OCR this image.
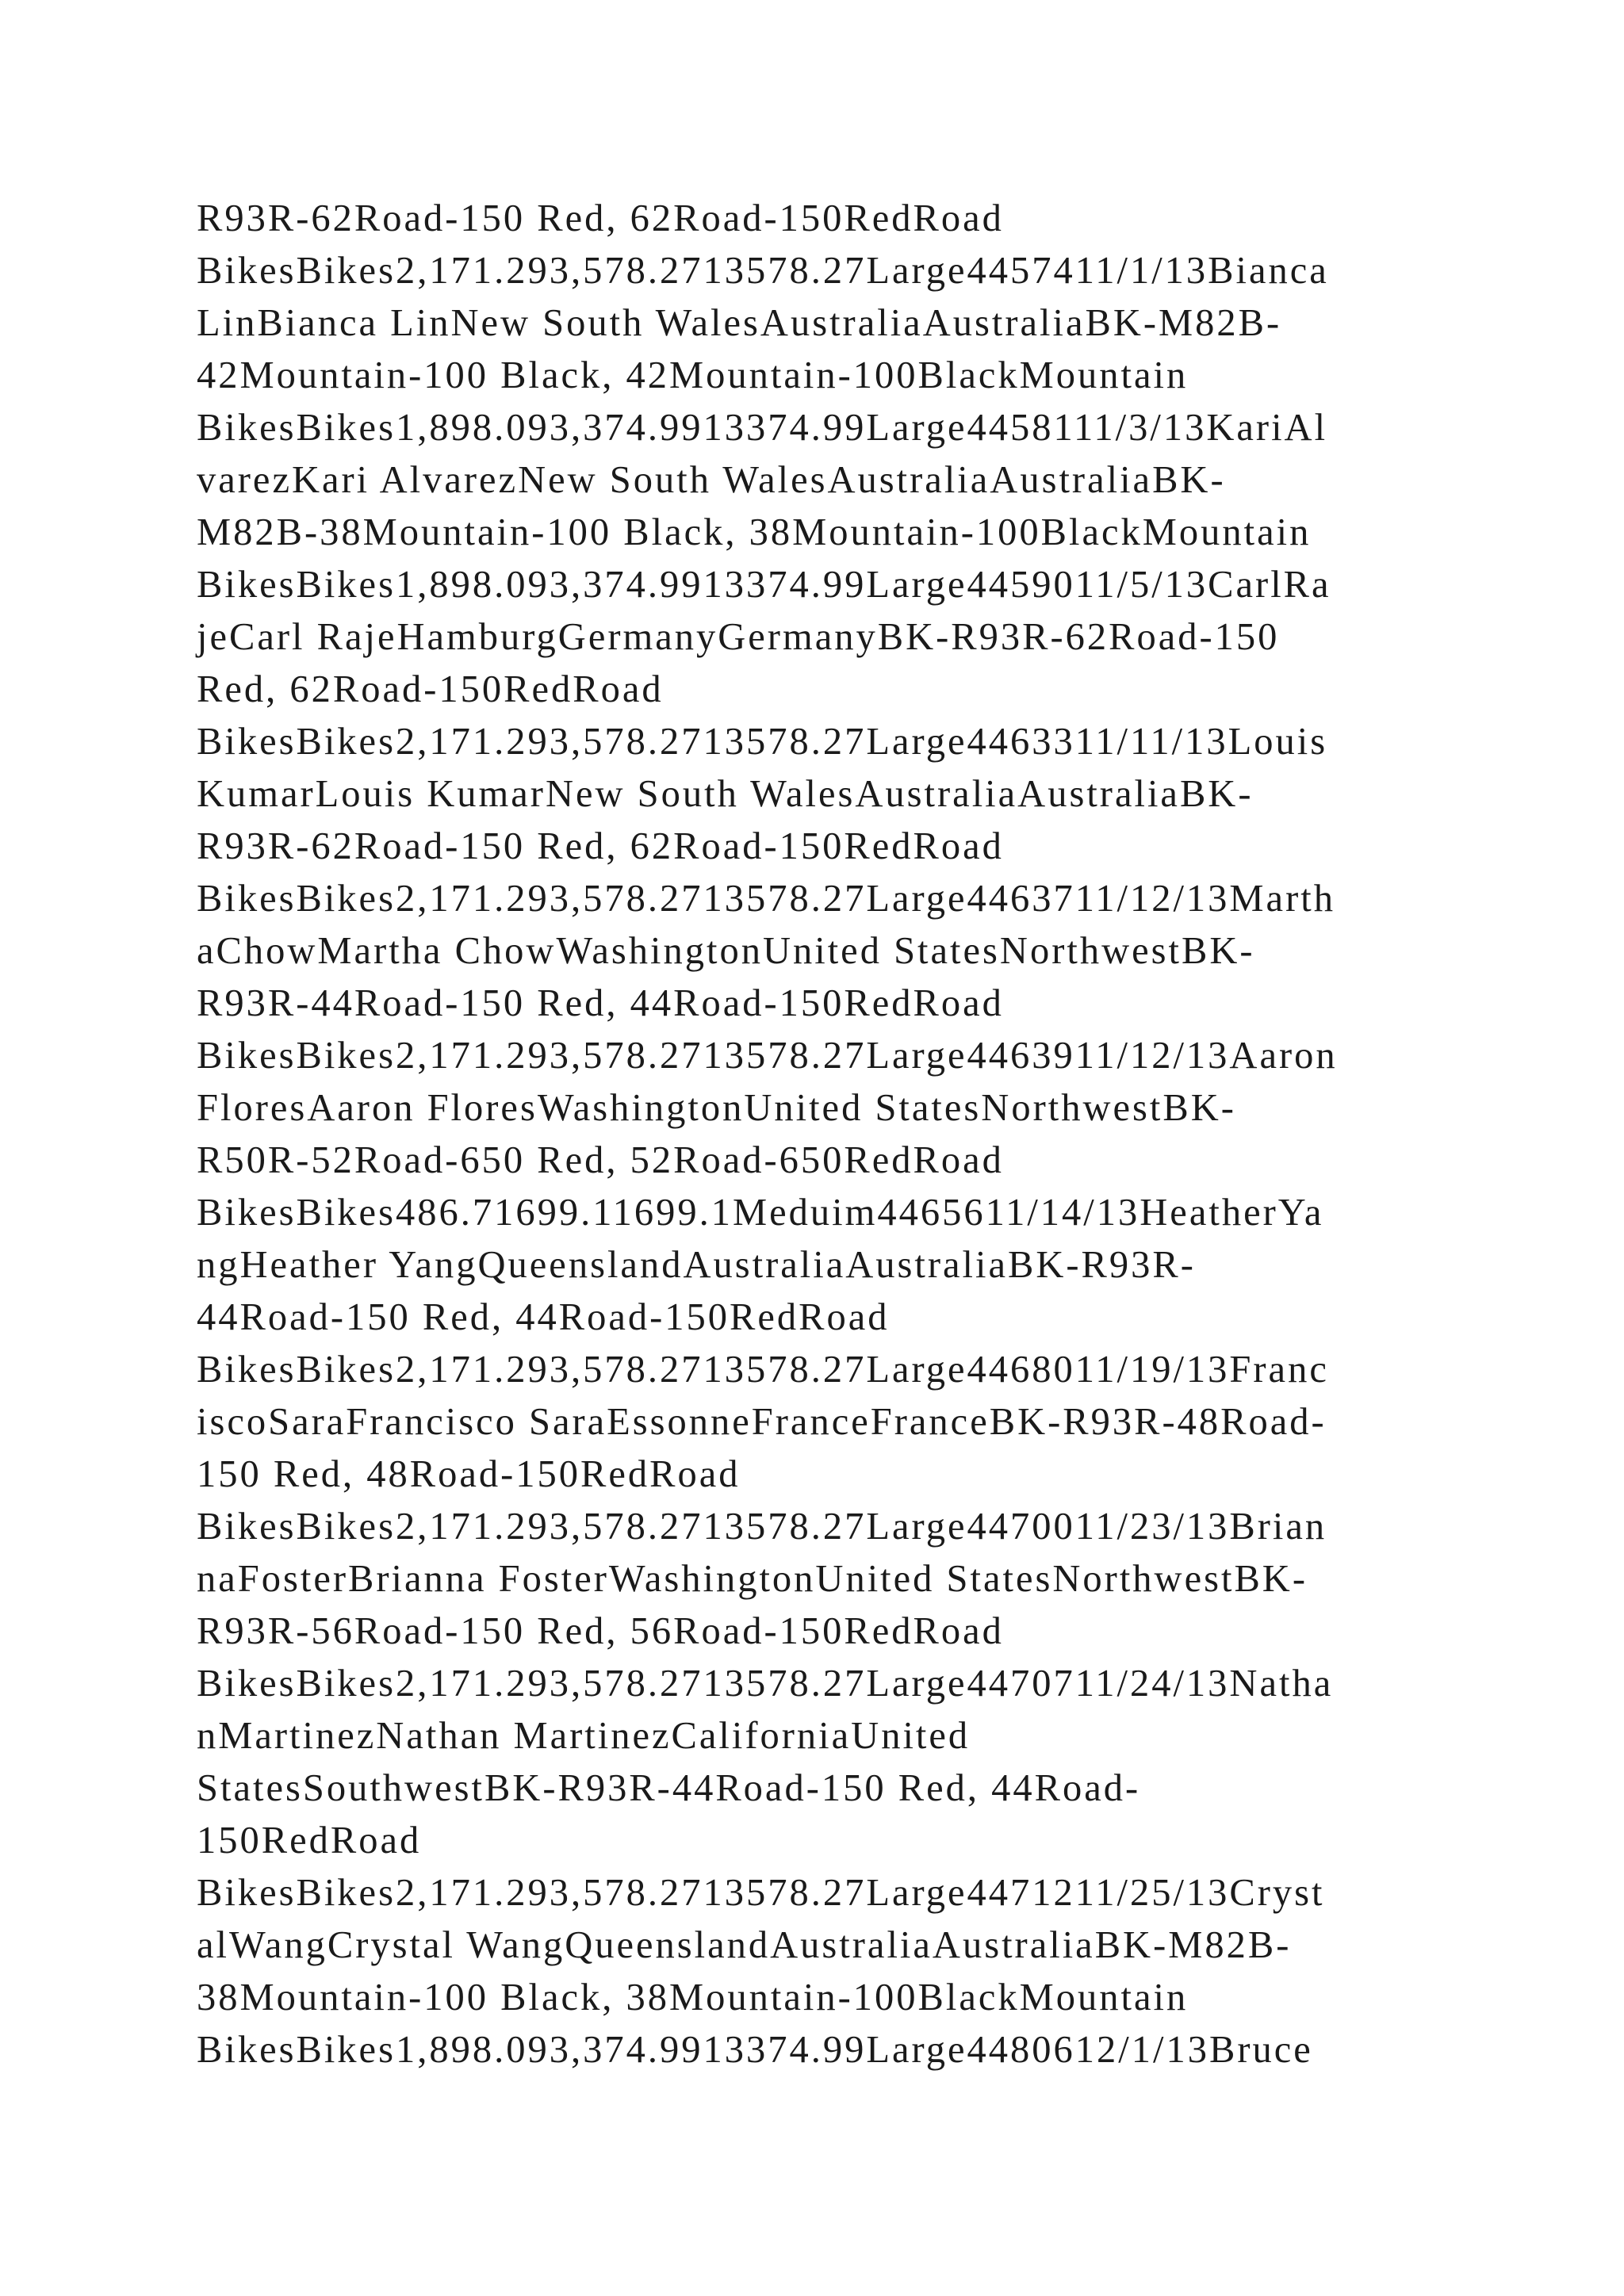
R93R-62Road-150 Red, 62Road-150RedRoad
BikesBikes2,171.293,578.2713578.27Large4457411/1/13Bianca
LinBianca LinNew South WalesAustraliaAustraliaBK-M82B-
42Mountain-100 Black, 42Mountain-100BlackMountain
BikesBikes1,898.093,374.9913374.99Large4458111/3/13KariAl
varezKari AlvarezNew South WalesAustraliaAustraliaBK-
M82B-38Mountain-100 Black, 38Mountain-100BlackMountain
BikesBikes1,898.093,374.9913374.99Large4459011/5/13CarlRa
jeCarl RajeHamburgGermanyGermanyBK-R93R-62Road-150
Red, 62Road-150RedRoad
BikesBikes2,171.293,578.2713578.27Large4463311/11/13Louis
KumarLouis KumarNew South WalesAustraliaAustraliaBK-
R93R-62Road-150 Red, 62Road-150RedRoad
BikesBikes2,171.293,578.2713578.27Large4463711/12/13Marth
aChowMartha ChowWashingtonUnited StatesNorthwestBK-
R93R-44Road-150 Red, 44Road-150RedRoad
BikesBikes2,171.293,578.2713578.27Large4463911/12/13Aaron
FloresAaron FloresWashingtonUnited StatesNorthwestBK-
R50R-52Road-650 Red, 52Road-650RedRoad
BikesBikes486.71699.11699.1Meduim4465611/14/13HeatherYa
ngHeather YangQueenslandAustraliaAustraliaBK-R93R-
44Road-150 Red, 44Road-150RedRoad
BikesBikes2,171.293,578.2713578.27Large4468011/19/13Franc
iscoSaraFrancisco SaraEssonneFranceFranceBK-R93R-48Road-
150 Red, 48Road-150RedRoad
BikesBikes2,171.293,578.2713578.27Large4470011/23/13Brian
naFosterBrianna FosterWashingtonUnited StatesNorthwestBK-
R93R-56Road-150 Red, 56Road-150RedRoad
BikesBikes2,171.293,578.2713578.27Large4470711/24/13Natha
nMartinezNathan MartinezCaliforniaUnited
StatesSouthwestBK-R93R-44Road-150 Red, 44Road-
150RedRoad
BikesBikes2,171.293,578.2713578.27Large4471211/25/13Cryst
alWangCrystal WangQueenslandAustraliaAustraliaBK-M82B-
38Mountain-100 Black, 38Mountain-100BlackMountain
BikesBikes1,898.093,374.9913374.99Large4480612/1/13Bruce
